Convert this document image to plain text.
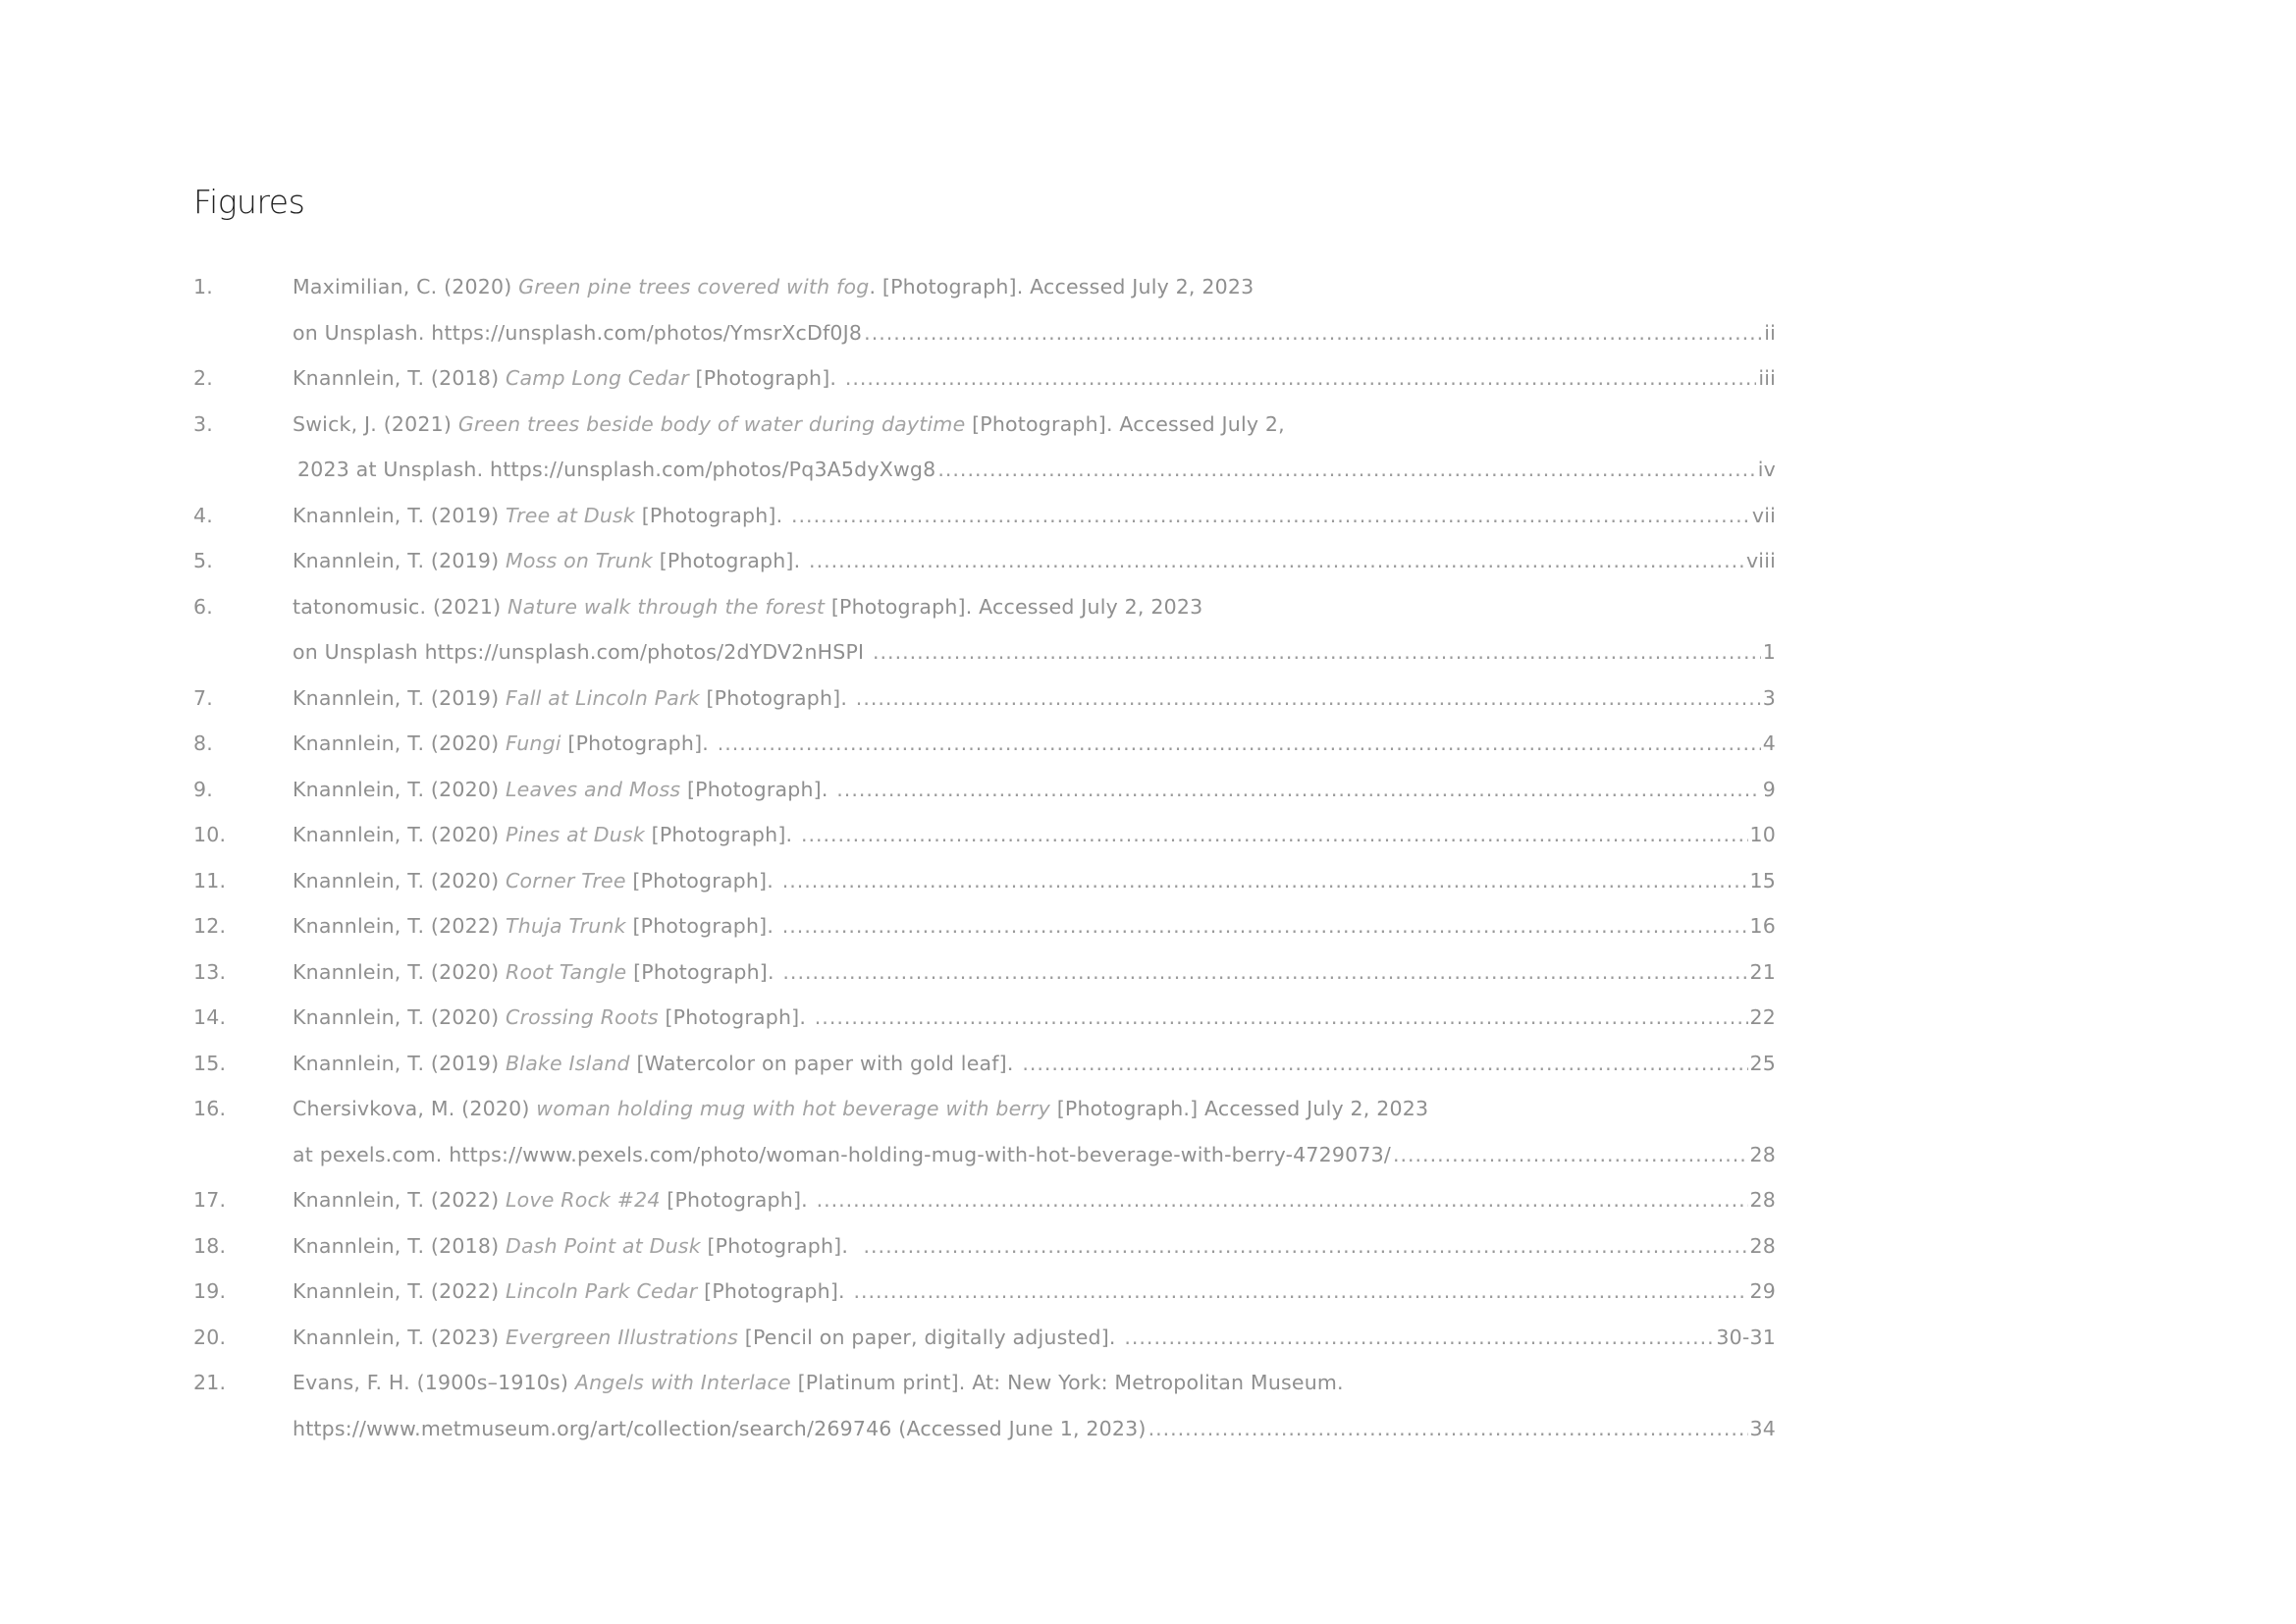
Figures
1.	Maximilian, C. (2020) Green pine trees covered with fog . [Photograph]. Accessed July 2, 2023
on Unsplash. https://unsplash.com/photos/YmsrXcDf0J8 .....	ii
2.	Knannlein, T. (2018) Camp Long Cedar [Photograph]. .....	iii
3.	Swick, J. (2021) Green trees beside body of water during daytime [Photograph]. Accessed July 2,
2023 at Unsplash. https://unsplash.com/photos/Pq3A5dyXwg8 .....	iv
4.	Knannlein, T. (2019) Tree at Dusk [Photograph]. .....	vii
5.	Knannlein, T. (2019) Moss on Trunk [Photograph]. .....	viii
6.	tatonomusic. (2021) Nature walk through the forest [Photograph]. Accessed July 2, 2023
on Unsplash https://unsplash.com/photos/2dYDV2nHSPI .....	1
7.	Knannlein, T. (2019) Fall at Lincoln Park [Photograph]. .....	3
8.	Knannlein, T. (2020) Fungi [Photograph]. .....	4
9.	Knannlein, T. (2020) Leaves and Moss [Photograph]. .....	9
10.	Knannlein, T. (2020) Pines at Dusk [Photograph]. .....	10
11.	Knannlein, T. (2020) Corner Tree [Photograph]. .....	15
12.	Knannlein, T. (2022) Thuja Trunk [Photograph]. .....	16
13.	Knannlein, T. (2020) Root Tangle [Photograph]. .....	21
14.	Knannlein, T. (2020) Crossing Roots [Photograph]. .....	22
15.	Knannlein, T. (2019) Blake Island [Watercolor on paper with gold leaf]. .....	25
16.	Chersivkova, M. (2020) woman holding mug with hot beverage with berry [Photograph.] Accessed July 2, 2023
at pexels.com. https://www.pexels.com/photo/woman-holding-mug-with-hot-beverage-with-berry-4729073/ .....	28
17.	Knannlein, T. (2022) Love Rock #24 [Photograph]. .....	28
18.	Knannlein, T. (2018) Dash Point at Dusk [Photograph]. .....	28
19.	Knannlein, T. (2022) Lincoln Park Cedar [Photograph]. .....	29
20.	Knannlein, T. (2023) Evergreen Illustrations [Pencil on paper, digitally adjusted]. .....	30-31
21.	Evans, F. H. (1900s–1910s) Angels with Interlace [Platinum print]. At: New York: Metropolitan Museum.
https://www.metmuseum.org/art/collection/search/269746 (Accessed June 1, 2023) .....	34
